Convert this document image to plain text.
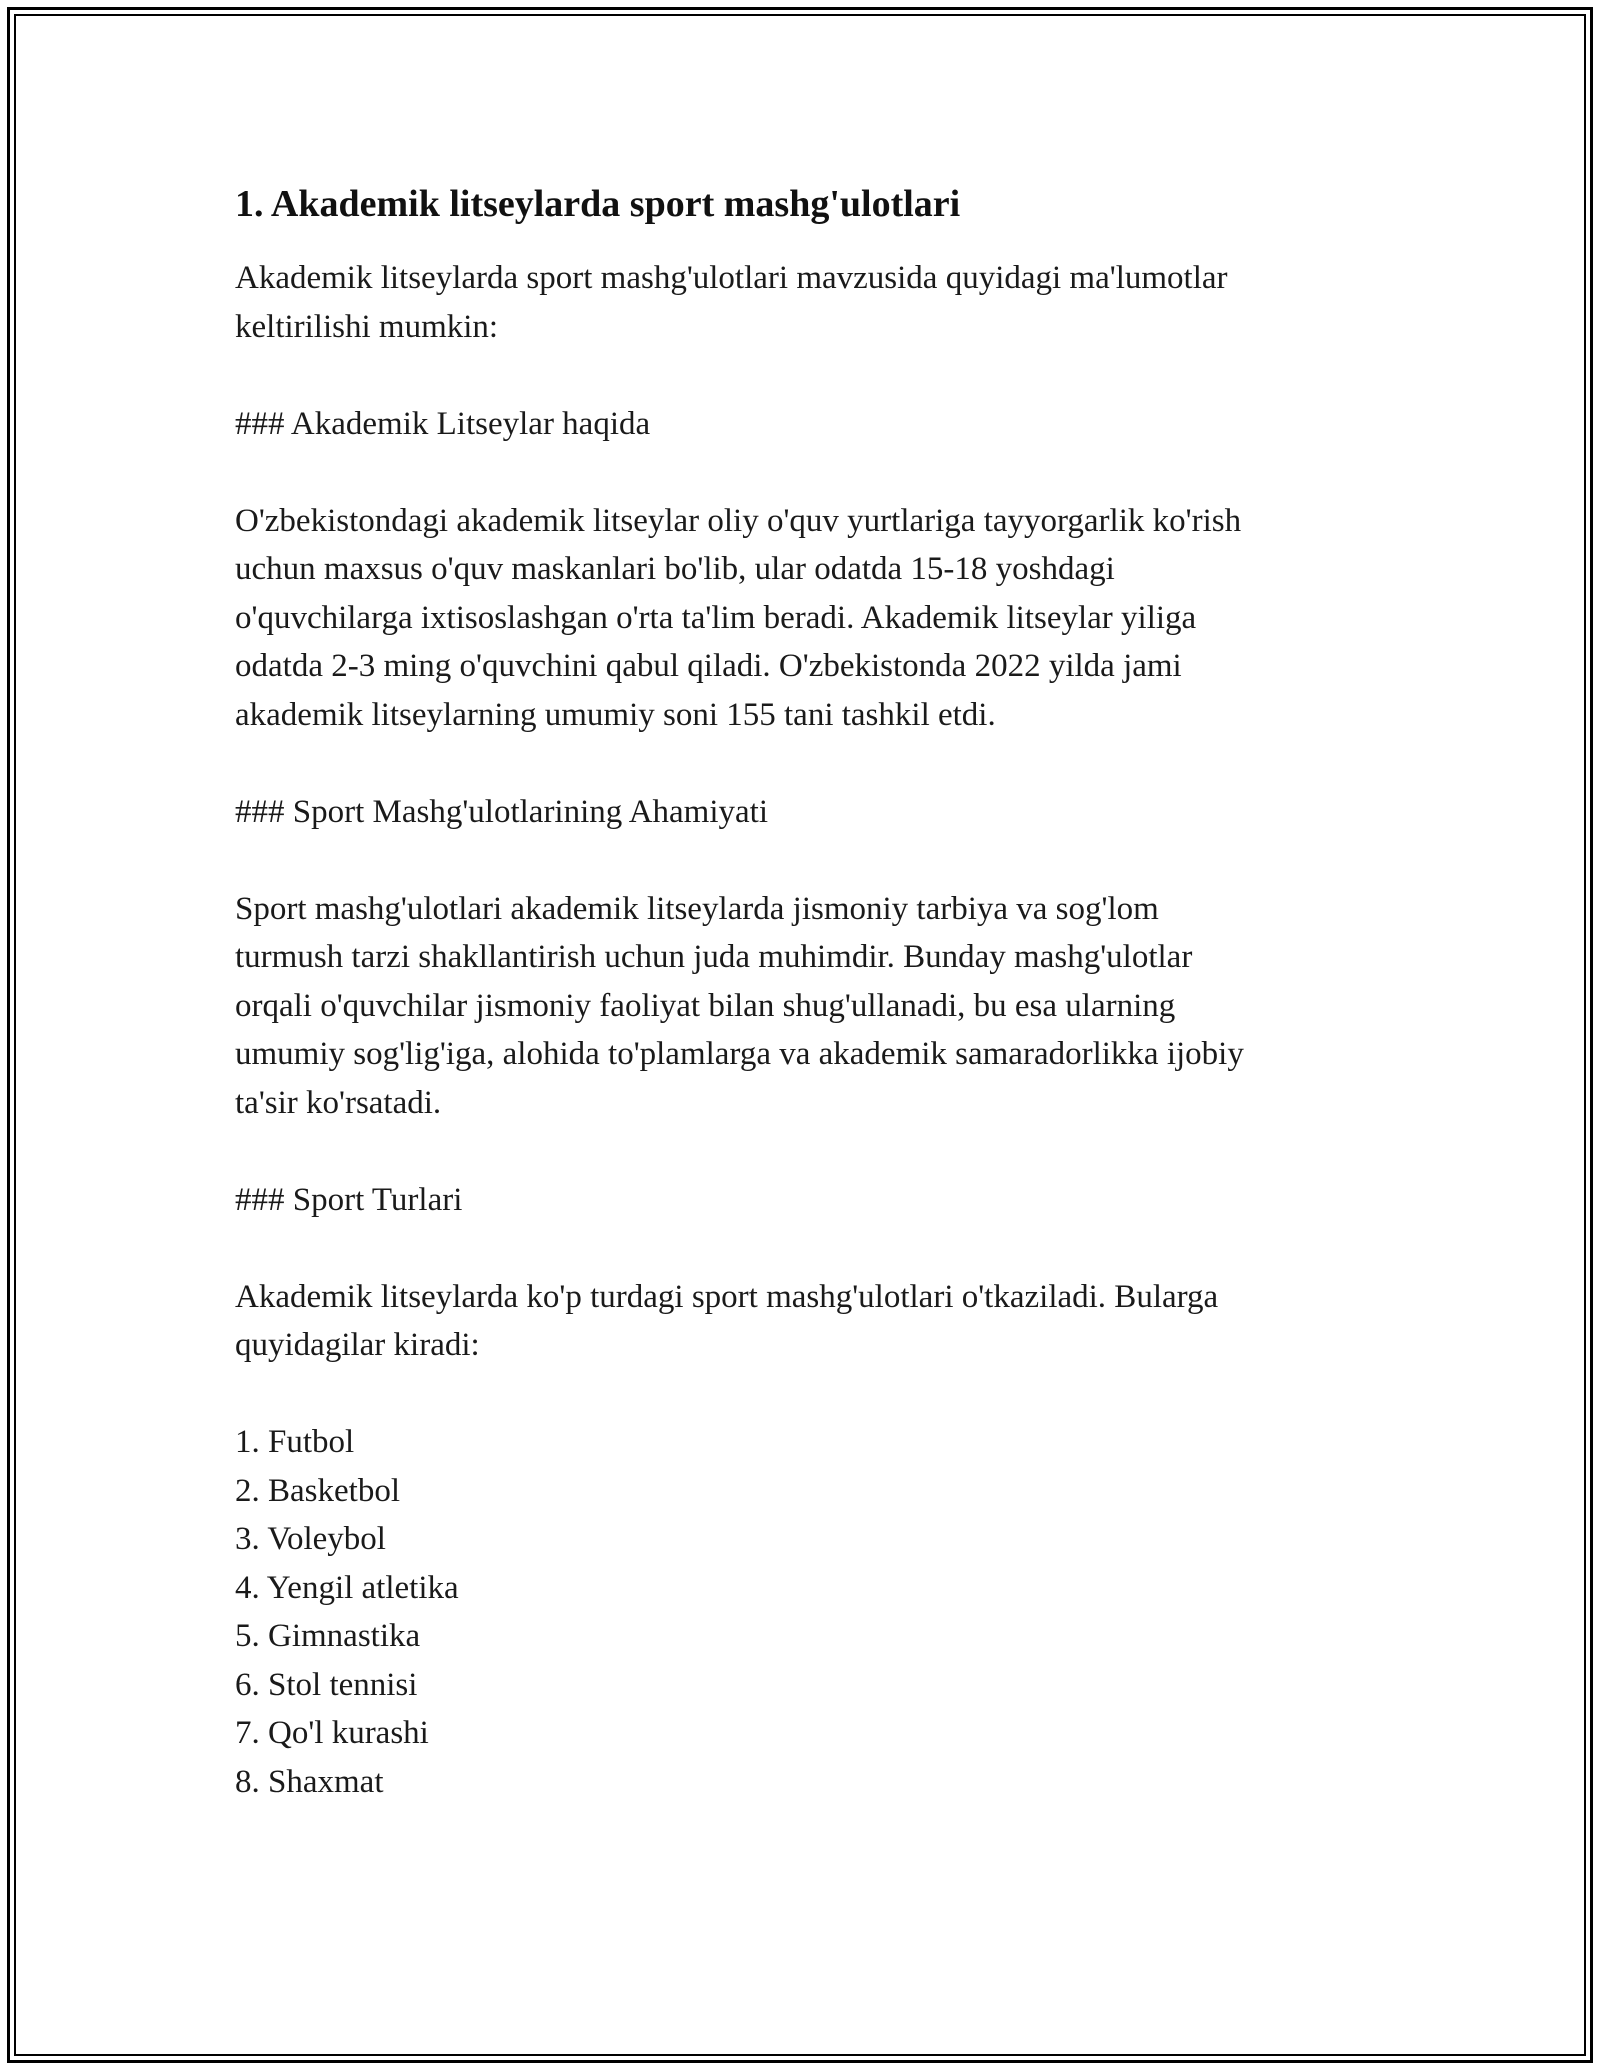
1. Akademik litseylarda sport mashg'ulotlari

Akademik litseylarda sport mashg'ulotlari mavzusida quyidagi ma'lumotlar
keltirilishi mumkin:

### Akademik Litseylar haqida

O'zbekistondagi akademik litseylar oliy o'quv yurtlariga tayyorgarlik ko'rish
uchun maxsus o'quv maskanlari bo'lib, ular odatda 15-18 yoshdagi
o'quvchilarga ixtisoslashgan o'rta ta'lim beradi. Akademik litseylar yiliga
odatda 2-3 ming o'quvchini qabul qiladi. O'zbekistonda 2022 yilda jami
akademik litseylarning umumiy soni 155 tani tashkil etdi.

### Sport Mashg'ulotlarining Ahamiyati

Sport mashg'ulotlari akademik litseylarda jismoniy tarbiya va sog'lom
turmush tarzi shakllantirish uchun juda muhimdir. Bunday mashg'ulotlar
orqali o'quvchilar jismoniy faoliyat bilan shug'ullanadi, bu esa ularning
umumiy sog'lig'iga, alohida to'plamlarga va akademik samaradorlikka ijobiy
ta'sir ko'rsatadi.

### Sport Turlari

Akademik litseylarda ko'p turdagi sport mashg'ulotlari o'tkaziladi. Bularga
quyidagilar kiradi:

1. Futbol
2. Basketbol
3. Voleybol
4. Yengil atletika
5. Gimnastika
6. Stol tennisi
7. Qo'l kurashi
8. Shaxmat
